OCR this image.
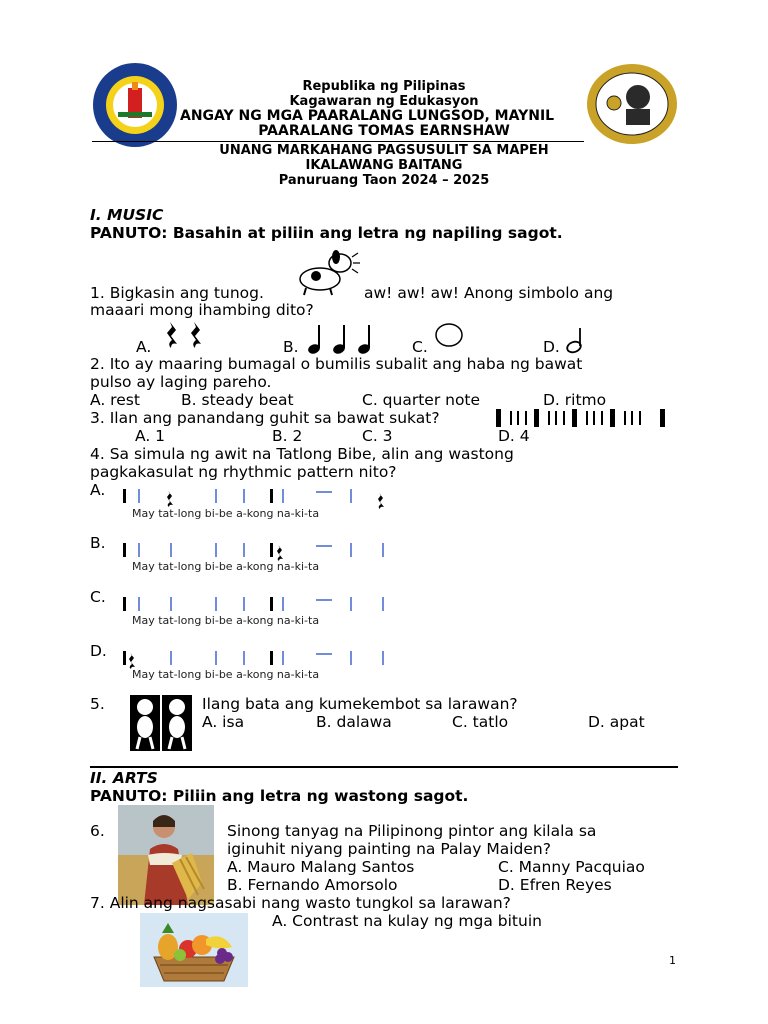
Republika ng Pilipinas
Kagawaran ng Edukasyon
ANGAY NG MGA PAARALANG LUNGSOD, MAYNIL
PAARALANG TOMAS EARNSHAW
UNANG MARKAHANG PAGSUSULIT SA MAPEH
IKALAWANG BAITANG
Panuruang Taon 2024 – 2025
I. MUSIC
PANUTO: Basahin at piliin ang letra ng napiling sagot.
1. Bigkasin ang tunog.	aw! aw! aw! Anong simbolo ang
maaari mong ihambing dito?
A.	B.	C.	D.
2. Ito ay maaring bumagal o bumilis subalit ang haba ng bawat
pulso ay laging pareho.
A. rest	B. steady beat	C. quarter note	D. ritmo
3. Ilan ang panandang guhit sa bawat sukat?
A. 1	B. 2	C. 3	D. 4
4. Sa simula ng awit na Tatlong Bibe, alin ang wastong
pagkakasulat ng rhythmic pattern nito?
A.
May tat-long bi-be a-kong na-ki-ta
B.
May tat-long bi-be a-kong na-ki-ta
C.
May tat-long bi-be a-kong na-ki-ta
D.
May tat-long bi-be a-kong na-ki-ta
5.	Ilang bata ang kumekembot sa larawan?
A. isa	B. dalawa	C. tatlo	D. apat
II. ARTS
PANUTO: Piliin ang letra ng wastong sagot.
6.	Sinong tanyag na Pilipinong pintor ang kilala sa
iginuhit niyang painting na Palay Maiden?
A. Mauro Malang Santos	C. Manny Pacquiao
B. Fernando Amorsolo	D. Efren Reyes
7. Alin ang nagsasabi nang wasto tungkol sa larawan?
A. Contrast na kulay ng mga bituin
1
